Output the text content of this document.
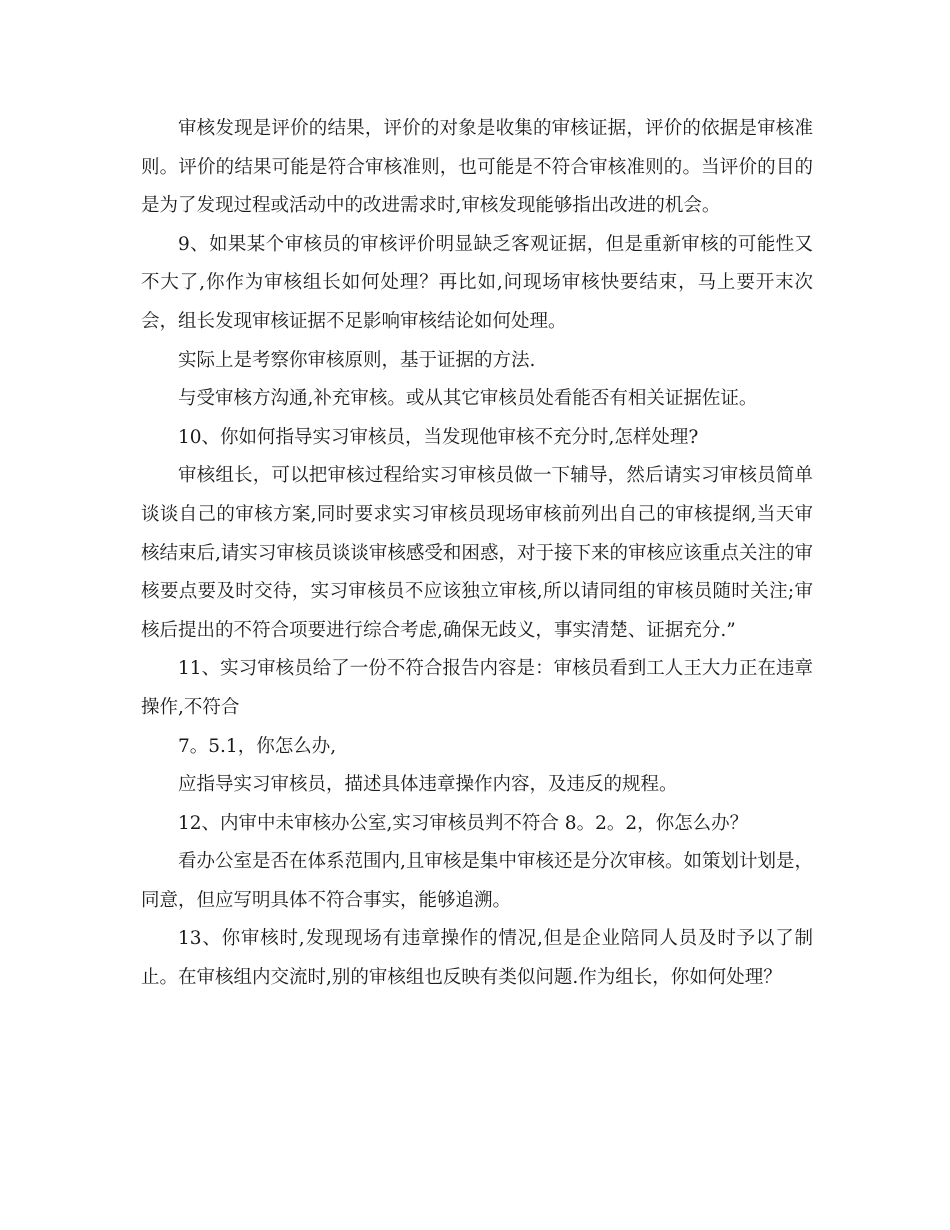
审核发现是评价的结果，评价的对象是收集的审核证据，评价的依据是审核准则。评价的结果可能是符合审核准则，也可能是不符合审核准则的。当评价的目的是为了发现过程或活动中的改进需求时,审核发现能够指出改进的机会。

9、如果某个审核员的审核评价明显缺乏客观证据，但是重新审核的可能性又不大了,你作为审核组长如何处理？再比如,问现场审核快要结束，马上要开末次会，组长发现审核证据不足影响审核结论如何处理。

实际上是考察你审核原则，基于证据的方法.

与受审核方沟通,补充审核。或从其它审核员处看能否有相关证据佐证。

10、你如何指导实习审核员，当发现他审核不充分时,怎样处理?

审核组长，可以把审核过程给实习审核员做一下辅导，然后请实习审核员简单谈谈自己的审核方案,同时要求实习审核员现场审核前列出自己的审核提纲,当天审核结束后,请实习审核员谈谈审核感受和困惑，对于接下来的审核应该重点关注的审核要点要及时交待，实习审核员不应该独立审核,所以请同组的审核员随时关注;审核后提出的不符合项要进行综合考虑,确保无歧义，事实清楚、证据充分.”

11、实习审核员给了一份不符合报告内容是：审核员看到工人王大力正在违章操作,不符合

7。5.1，你怎么办,

应指导实习审核员，描述具体违章操作内容，及违反的规程。

12、内审中未审核办公室,实习审核员判不符合 8。2。2，你怎么办？

看办公室是否在体系范围内,且审核是集中审核还是分次审核。如策划计划是，同意，但应写明具体不符合事实，能够追溯。

13、你审核时,发现现场有违章操作的情况,但是企业陪同人员及时予以了制止。在审核组内交流时,别的审核组也反映有类似问题.作为组长，你如何处理？
